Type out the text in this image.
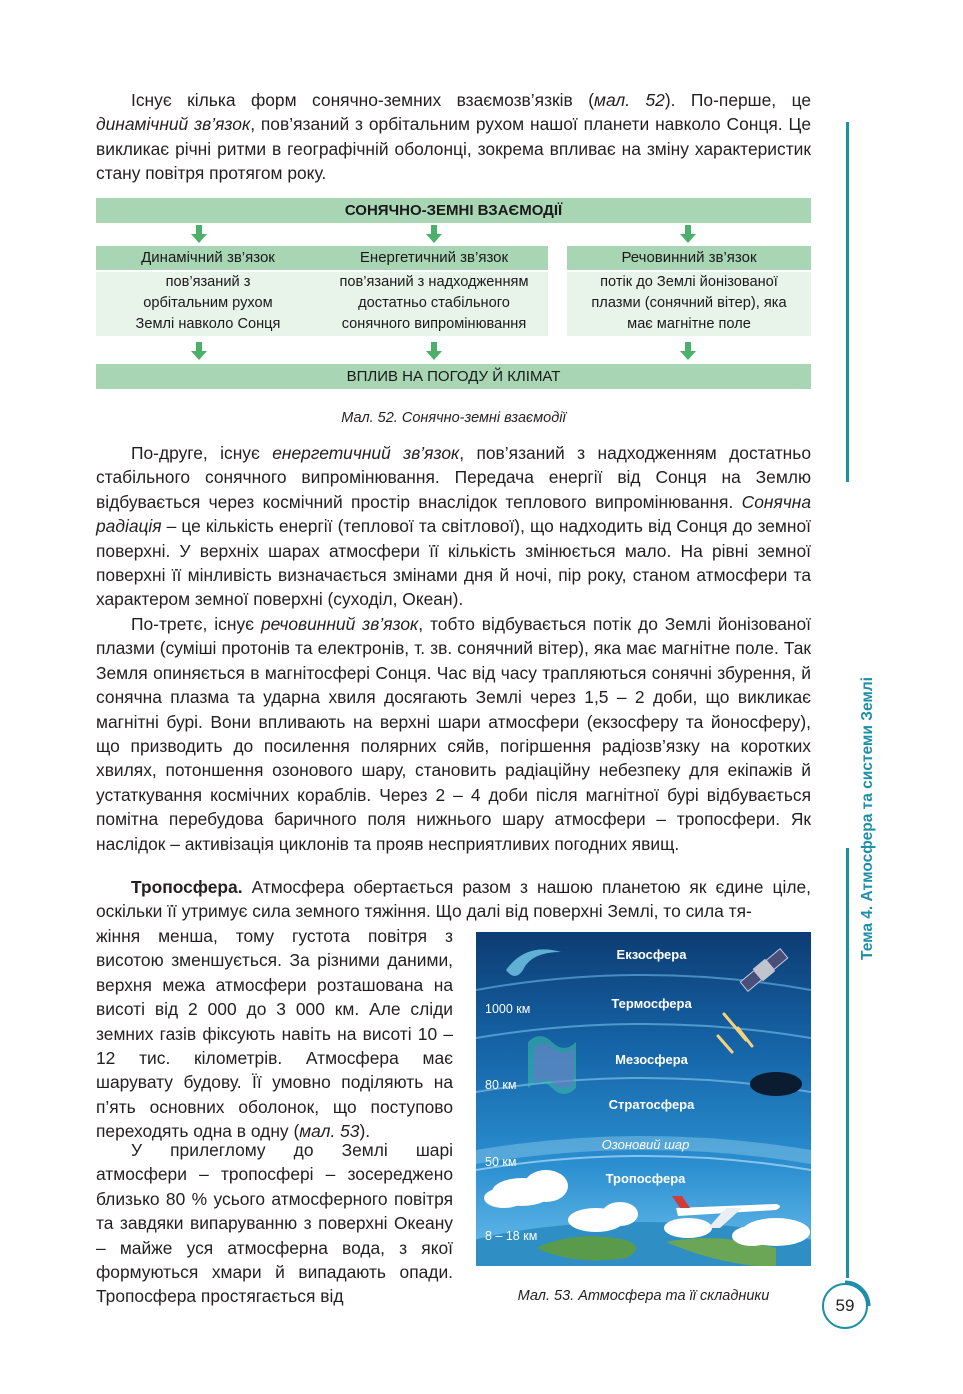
Існує кілька форм сонячно-земних взаємозв’язків (мал. 52). По-перше, це динамічний зв’язок, пов’язаний з орбітальним рухом нашої планети навколо Сонця. Це викликає річні ритми в географічній оболонці, зокрема впливає на зміну характеристик стану повітря протягом року.

СОНЯЧНО-ЗЕМНІ ВЗАЄМОДІЇ
Динамічний зв’язок
пов’язаний з
орбітальним рухом
Землі навколо Сонця
Енергетичний зв’язок
пов’язаний з надходженням
достатньо стабільного
сонячного випромінювання
Речовинний зв’язок
потік до Землі йонізованої
плазми (сонячний вітер), яка
має магнітне поле
ВПЛИВ НА ПОГОДУ Й КЛІМАТ
Мал. 52. Сонячно-земні взаємодії

По-друге, існує енергетичний зв’язок, пов’язаний з надходженням достатньо стабільного сонячного випромінювання. Передача енергії від Сонця на Землю відбувається через космічний простір внаслідок теплового випромінювання. Сонячна радіація – це кількість енергії (теплової та світлової), що надходить від Сонця до земної поверхні. У верхніх шарах атмосфери її кількість змінюється мало. На рівні земної поверхні її мінливість визначається змінами дня й ночі, пір року, станом атмосфери та характером земної поверхні (суходіл, Океан).

По-третє, існує речовинний зв’язок, тобто відбувається потік до Землі йонізованої плазми (суміші протонів та електронів, т. зв. сонячний вітер), яка має магнітне поле. Так Земля опиняється в магнітосфері Сонця. Час від часу трапляються сонячні збурення, й сонячна плазма та ударна хвиля досягають Землі через 1,5 – 2 доби, що викликає магнітні бурі. Вони впливають на верхні шари атмосфери (екзосферу та йоносферу), що призводить до посилення полярних сяйв, погіршення радіозв’язку на коротких хвилях, потоншення озонового шару, становить радіаційну небезпеку для екіпажів й устаткування космічних кораблів. Через 2 – 4 доби після магнітної бурі відбувається помітна перебудова баричного поля нижнього шару атмосфери – тропосфери. Як наслідок – активізація циклонів та прояв несприятливих погодних явищ.

Тропосфера. Атмосфера обертається разом з нашою планетою як єдине ціле, оскільки її утримує сила земного тяжіння. Що далі від поверхні Землі, то сила тя-

жіння менша, тому густота повітря з висотою зменшується. За різними даними, верхня межа атмосфери розташована на висоті від 2 000 до 3 000 км. Але сліди земних газів фіксують навіть на висоті 10 – 12 тис. кілометрів. Атмосфера має шарувату будову. Її умовно поділяють на п’ять основних оболонок, що поступово переходять одна в одну (мал. 53).

У прилеглому до Землі шарі атмосфери – тропосфері – зосереджено близько 80 % усього атмосферного повітря та завдяки випаруванню з поверхні Океану – майже уся атмосферна вода, з якої формуються хмари й випадають опади. Тропосфера простягається від

Екзосфера
Термосфера
Мезосфера
Стратосфера
Озоновий шар
Тропосфера
1000 км
80 км
50 км
8 – 18 км
Мал. 53. Атмосфера та її складники
Тема 4. Атмосфера та системи Землі
59
